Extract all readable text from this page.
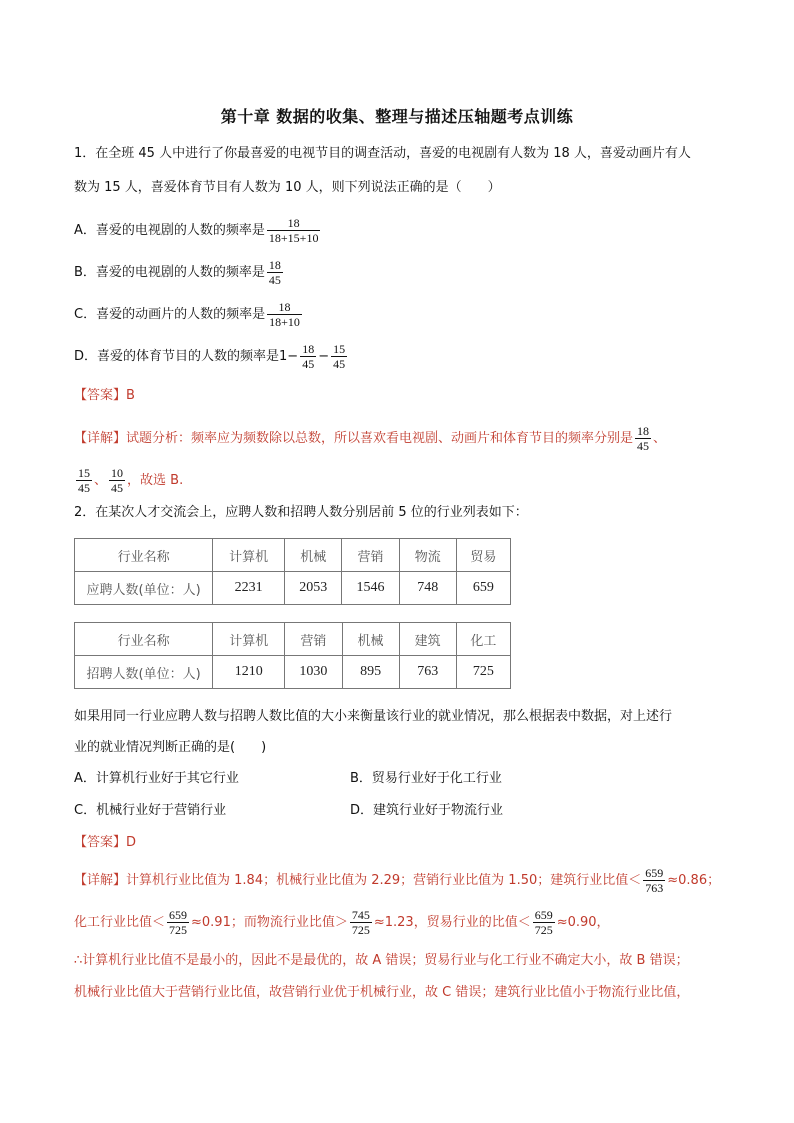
第十章 数据的收集、整理与描述压轴题考点训练
1．在全班 45 人中进行了你最喜爱的电视节目的调查活动，喜爱的电视剧有人数为 18 人，喜爱动画片有人
数为 15 人，喜爱体育节目有人数为 10 人，则下列说法正确的是（　　）
A．喜爱的电视剧的人数的频率是 $\frac{18}{18+15+10}$
B．喜爱的电视剧的人数的频率是 $\frac{18}{45}$
C．喜爱的动画片的人数的频率是 $\frac{18}{18+10}$
D．喜爱的体育节目的人数的频率是$1- \frac{18}{45} - \frac{15}{45}$
【答案】B
【详解】试题分析：频率应为频数除以总数，所以喜欢看电视剧、动画片和体育节目的频率分别是 $\frac{18}{45}$ 、
$\frac{15}{45}$ 、 $\frac{10}{45}$ ，故选 B.
2．在某次人才交流会上，应聘人数和招聘人数分别居前 5 位的行业列表如下：
行业名称	计算机	机械	营销	物流	贸易
应聘人数(单位：人)	2231	2053	1546	748	659
行业名称	计算机	营销	机械	建筑	化工
招聘人数(单位：人)	1210	1030	895	763	725
如果用同一行业应聘人数与招聘人数比值的大小来衡量该行业的就业情况，那么根据表中数据，对上述行
业的就业情况判断正确的是(　　)
A．计算机行业好于其它行业	B．贸易行业好于化工行业
C．机械行业好于营销行业	D．建筑行业好于物流行业
【答案】D
【详解】计算机行业比值为 1.84；机械行业比值为 2.29；营销行业比值为 1.50；建筑行业比值＜ $\frac{659}{763} \approx 0.86$；
化工行业比值＜ $\frac{659}{725} \approx 0.91$；而物流行业比值＞ $\frac{745}{725} \approx 1.23$，贸易行业的比值＜ $\frac{659}{725} \approx 0.90$，
∴计算机行业比值不是最小的，因此不是最优的，故 A 错误；贸易行业与化工行业不确定大小，故 B 错误；
机械行业比值大于营销行业比值，故营销行业优于机械行业，故 C 错误；建筑行业比值小于物流行业比值，
